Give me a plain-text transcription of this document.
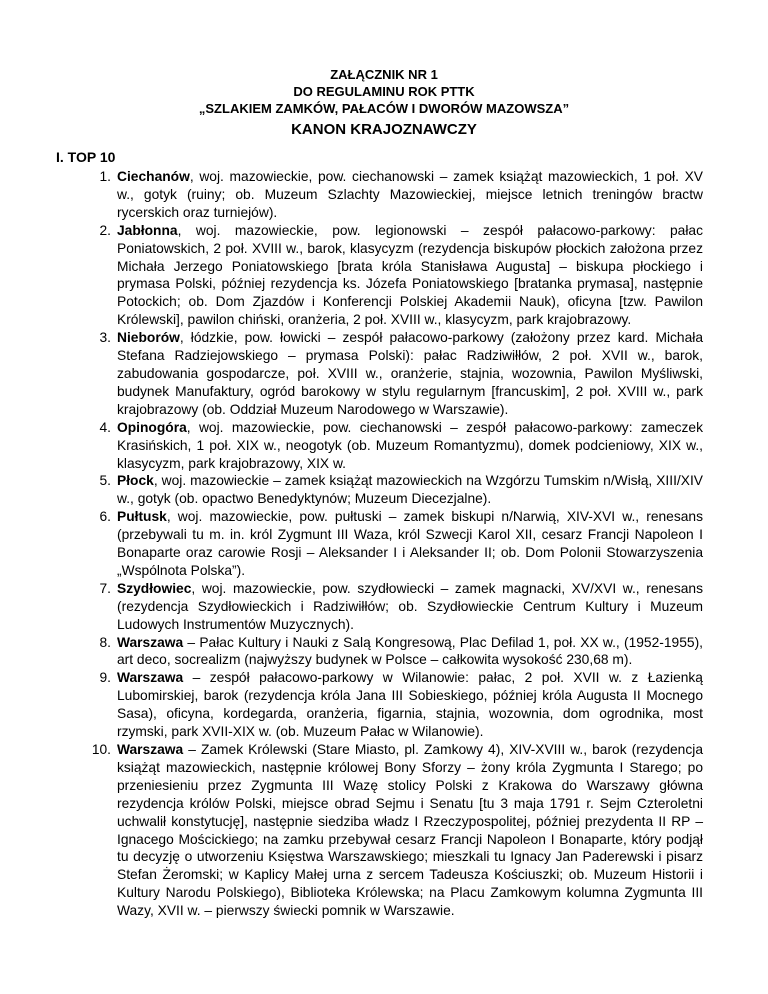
ZAŁĄCZNIK NR 1
DO REGULAMINU ROK PTTK
„SZLAKIEM ZAMKÓW, PAŁACÓW I DWORÓW MAZOWSZA”
KANON KRAJOZNAWCZY
I. TOP 10
1. Ciechanów, woj. mazowieckie, pow. ciechanowski – zamek książąt mazowieckich, 1 poł. XV w., gotyk (ruiny; ob. Muzeum Szlachty Mazowieckiej, miejsce letnich treningów bractw rycerskich oraz turniejów).
2. Jabłonna, woj. mazowieckie, pow. legionowski – zespół pałacowo-parkowy: pałac Poniatowskich, 2 poł. XVIII w., barok, klasycyzm (rezydencja biskupów płockich założona przez Michała Jerzego Poniatowskiego [brata króla Stanisława Augusta] – biskupa płockiego i prymasa Polski, później rezydencja ks. Józefa Poniatowskiego [bratanka prymasa], następnie Potockich; ob. Dom Zjazdów i Konferencji Polskiej Akademii Nauk), oficyna [tzw. Pawilon Królewski], pawilon chiński, oranżeria, 2 poł. XVIII w., klasycyzm, park krajobrazowy.
3. Nieborów, łódzkie, pow. łowicki – zespół pałacowo-parkowy (założony przez kard. Michała Stefana Radziejowskiego – prymasa Polski): pałac Radziwiłłów, 2 poł. XVII w., barok, zabudowania gospodarcze, poł. XVIII w., oranżerie, stajnia, wozownia, Pawilon Myśliwski, budynek Manufaktury, ogród barokowy w stylu regularnym [francuskim], 2 poł. XVIII w., park krajobrazowy (ob. Oddział Muzeum Narodowego w Warszawie).
4. Opinogóra, woj. mazowieckie, pow. ciechanowski – zespół pałacowo-parkowy: zameczek Krasińskich, 1 poł. XIX w., neogotyk (ob. Muzeum Romantyzmu), domek podcieniowy, XIX w., klasycyzm, park krajobrazowy, XIX w.
5. Płock, woj. mazowieckie – zamek książąt mazowieckich na Wzgórzu Tumskim n/Wisłą, XIII/XIV w., gotyk (ob. opactwo Benedyktynów; Muzeum Diecezjalne).
6. Pułtusk, woj. mazowieckie, pow. pułtuski – zamek biskupi n/Narwią, XIV-XVI w., renesans (przebywali tu m. in. król Zygmunt III Waza, król Szwecji Karol XII, cesarz Francji Napoleon I Bonaparte oraz carowie Rosji – Aleksander I i Aleksander II; ob. Dom Polonii Stowarzyszenia „Wspólnota Polska”).
7. Szydłowiec, woj. mazowieckie, pow. szydłowiecki – zamek magnacki, XV/XVI w., renesans (rezydencja Szydłowieckich i Radziwiłłów; ob. Szydłowieckie Centrum Kultury i Muzeum Ludowych Instrumentów Muzycznych).
8. Warszawa – Pałac Kultury i Nauki z Salą Kongresową, Plac Defilad 1, poł. XX w., (1952-1955), art deco, socrealizm (najwyższy budynek w Polsce – całkowita wysokość 230,68 m).
9. Warszawa – zespół pałacowo-parkowy w Wilanowie: pałac, 2 poł. XVII w. z Łazienką Lubomirskiej, barok (rezydencja króla Jana III Sobieskiego, później króla Augusta II Mocnego Sasa), oficyna, kordegarda, oranżeria, figarnia, stajnia, wozownia, dom ogrodnika, most rzymski, park XVII-XIX w. (ob. Muzeum Pałac w Wilanowie).
10. Warszawa – Zamek Królewski (Stare Miasto, pl. Zamkowy 4), XIV-XVIII w., barok (rezydencja książąt mazowieckich, następnie królowej Bony Sforzy – żony króla Zygmunta I Starego; po przeniesieniu przez Zygmunta III Wazę stolicy Polski z Krakowa do Warszawy główna rezydencja królów Polski, miejsce obrad Sejmu i Senatu [tu 3 maja 1791 r. Sejm Czteroletni uchwalił konstytucję], następnie siedziba władz I Rzeczypospolitej, później prezydenta II RP – Ignacego Mościckiego; na zamku przebywał cesarz Francji Napoleon I Bonaparte, który podjął tu decyzję o utworzeniu Księstwa Warszawskiego; mieszkali tu Ignacy Jan Paderewski i pisarz Stefan Żeromski; w Kaplicy Małej urna z sercem Tadeusza Kościuszki; ob. Muzeum Historii i Kultury Narodu Polskiego), Biblioteka Królewska; na Placu Zamkowym kolumna Zygmunta III Wazy, XVII w. – pierwszy świecki pomnik w Warszawie.
